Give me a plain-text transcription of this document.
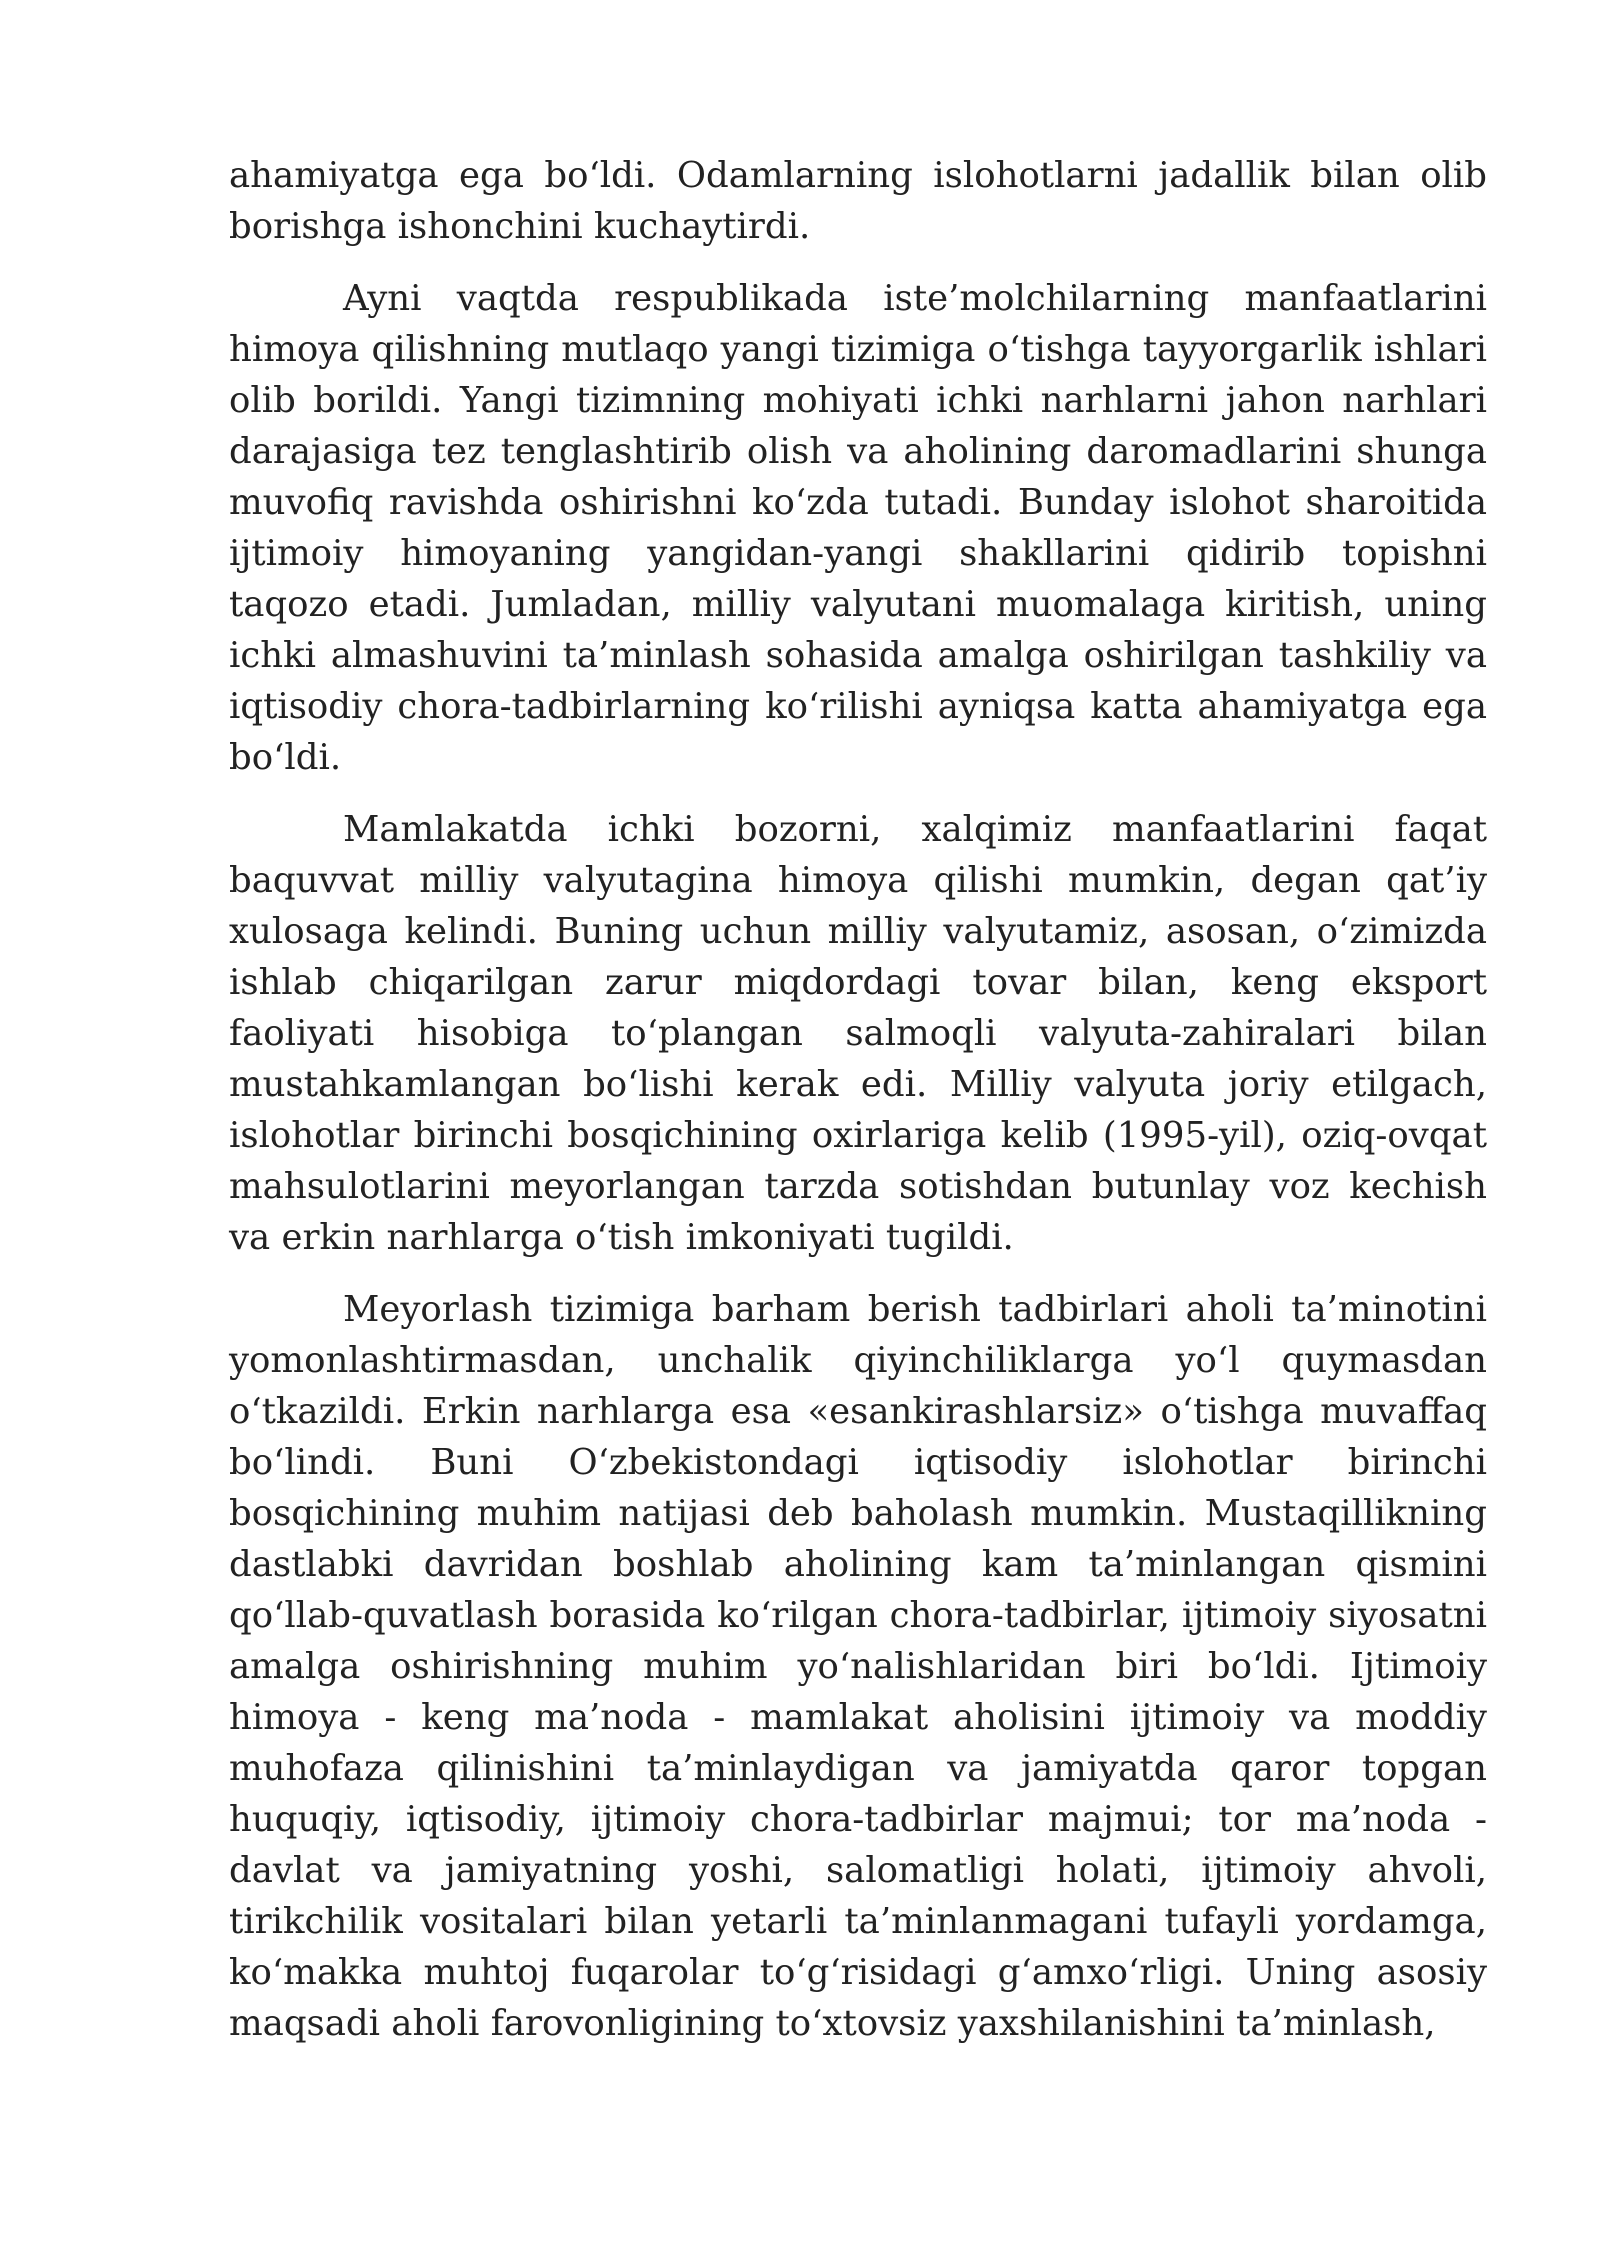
ahamiyatga ega bo‘ldi. Odamlarning islohotlarni jadallik bilan olib borishga ishonchini kuchaytirdi.

Ayni vaqtda respublikada iste’molchilarning manfaatlarini himoya qilishning mutlaqo yangi tizimiga o‘tishga tayyorgarlik ishlari olib borildi. Yangi tizimning mohiyati ichki narhlarni jahon narhlari darajasiga tez tenglashtirib olish va aholining daromadlarini shunga muvofiq ravishda oshirishni ko‘zda tutadi. Bunday islohot sharoitida ijtimoiy himoyaning yangidan-yangi shakllarini qidirib topishni taqozo etadi. Jumladan, milliy valyutani muomalaga kiritish, uning ichki almashuvini ta’minlash sohasida amalga oshirilgan tashkiliy va iqtisodiy chora-tadbirlarning ko‘rilishi ayniqsa katta ahamiyatga ega bo‘ldi.

Mamlakatda ichki bozorni, xalqimiz manfaatlarini faqat baquvvat milliy valyutagina himoya qilishi mumkin, degan qat’iy xulosaga kelindi. Buning uchun milliy valyutamiz, asosan, o‘zimizda ishlab chiqarilgan zarur miqdordagi tovar bilan, keng eksport faoliyati hisobiga to‘plangan salmoqli valyuta-zahiralari bilan mustahkamlangan bo‘lishi kerak edi. Milliy valyuta joriy etilgach, islohotlar birinchi bosqichining oxirlariga kelib (1995-yil), oziq-ovqat mahsulotlarini meyorlangan tarzda sotishdan butunlay voz kechish va erkin narhlarga o‘tish imkoniyati tugildi.

Meyorlash tizimiga barham berish tadbirlari aholi ta’minotini yomonlashtirmasdan, unchalik qiyinchiliklarga yo‘l quymasdan o‘tkazildi. Erkin narhlarga esa «esankirashlarsiz» o‘tishga muvaffaq bo‘lindi. Buni O‘zbekistondagi iqtisodiy islohotlar birinchi bosqichining muhim natijasi deb baholash mumkin. Mustaqillikning dastlabki davridan boshlab aholining kam ta’minlangan qismini qo‘llab-quvatlash borasida ko‘rilgan chora-tadbirlar, ijtimoiy siyosatni amalga oshirishning muhim yo‘nalishlaridan biri bo‘ldi. Ijtimoiy himoya - keng ma’noda - mamlakat aholisini ijtimoiy va moddiy muhofaza qilinishini ta’minlaydigan va jamiyatda qaror topgan huquqiy, iqtisodiy, ijtimoiy chora-tadbirlar majmui; tor ma’noda - davlat va jamiyatning yoshi, salomatligi holati, ijtimoiy ahvoli, tirikchilik vositalari bilan yetarli ta’minlanmagani tufayli yordamga, ko‘makka muhtoj fuqarolar to‘g‘risidagi g‘amxo‘rligi. Uning asosiy maqsadi aholi farovonligining to‘xtovsiz yaxshilanishini ta’minlash,
